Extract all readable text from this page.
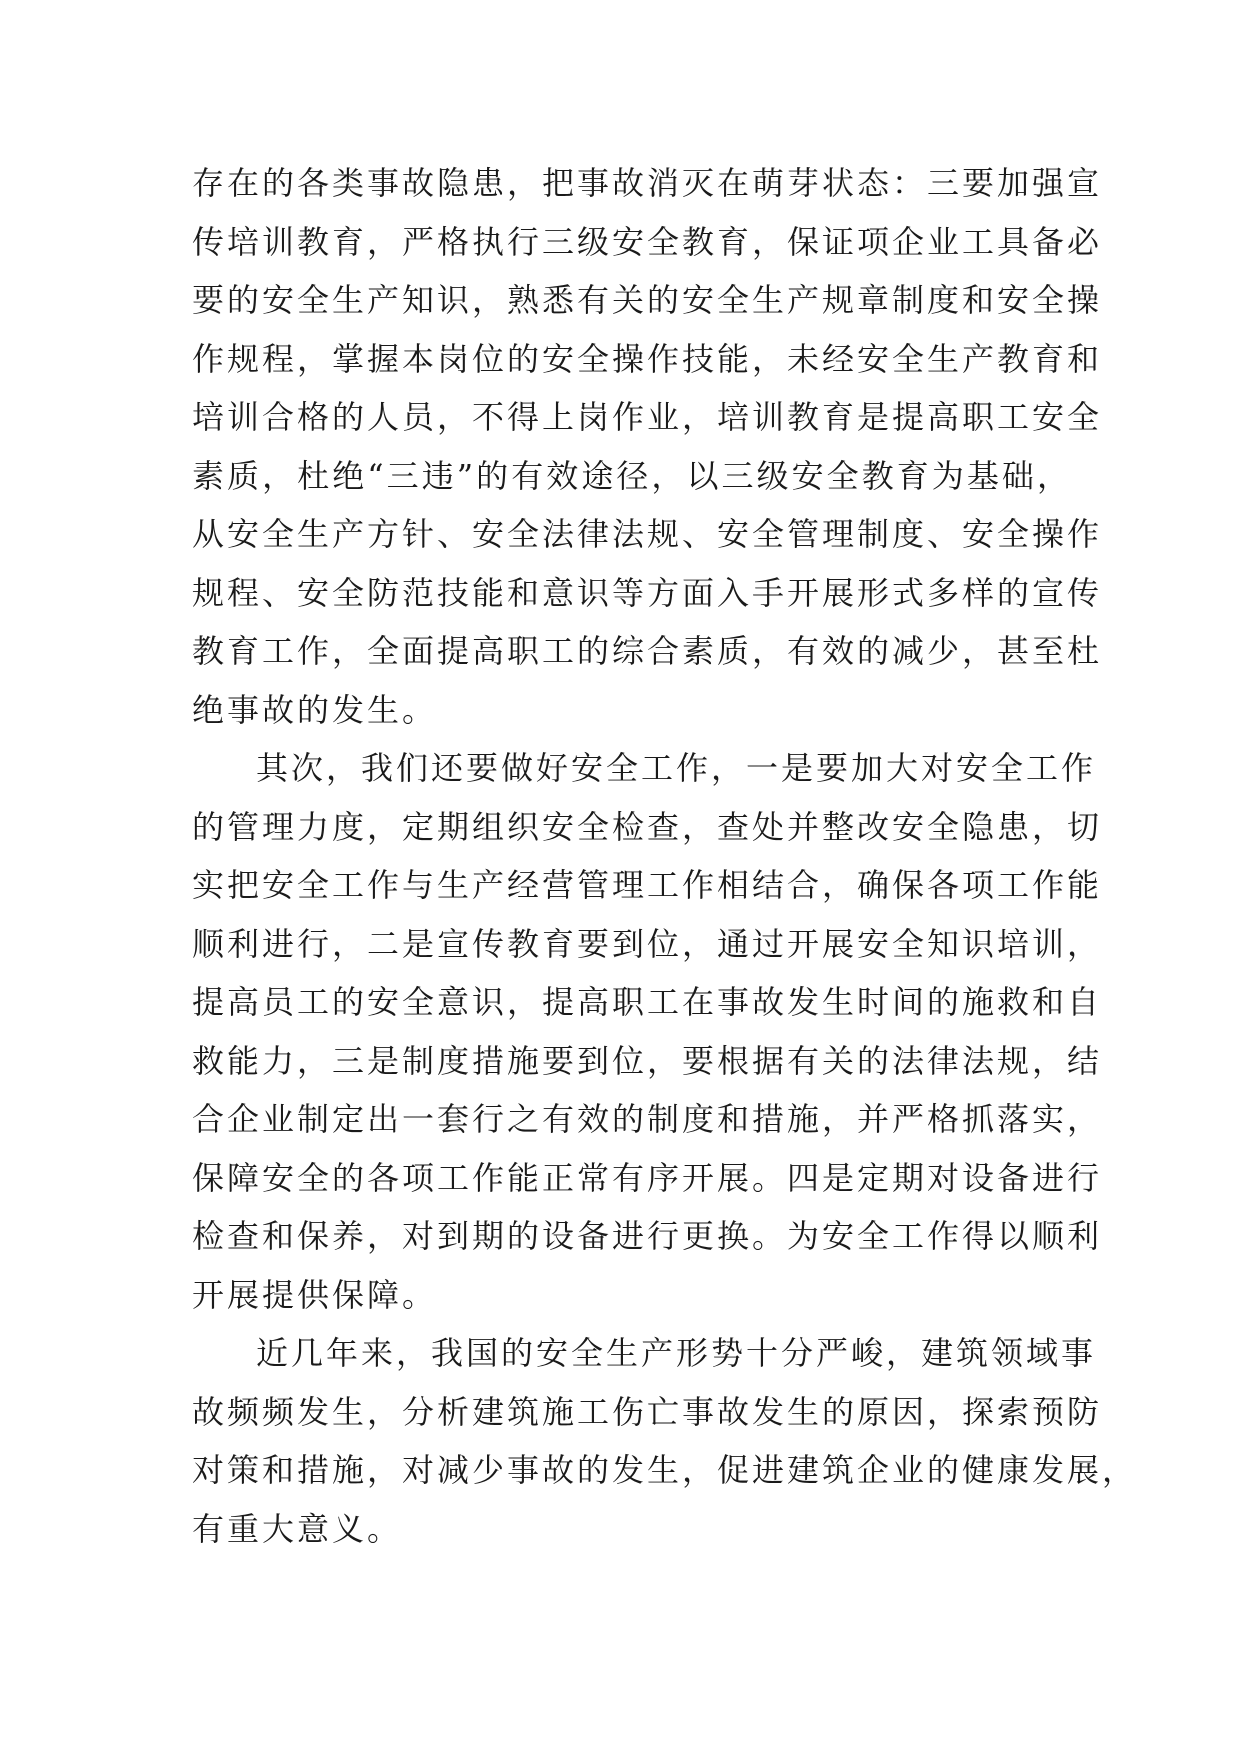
存在的各类事故隐患，把事故消灭在萌芽状态：三要加强宣
传培训教育，严格执行三级安全教育，保证项企业工具备必
要的安全生产知识，熟悉有关的安全生产规章制度和安全操
作规程，掌握本岗位的安全操作技能，未经安全生产教育和
培训合格的人员，不得上岗作业，培训教育是提高职工安全
素质，杜绝“三违”的有效途径，以三级安全教育为基础，
从安全生产方针、安全法律法规、安全管理制度、安全操作
规程、安全防范技能和意识等方面入手开展形式多样的宣传
教育工作，全面提高职工的综合素质，有效的减少，甚至杜
绝事故的发生。
其次，我们还要做好安全工作，一是要加大对安全工作
的管理力度，定期组织安全检查，查处并整改安全隐患，切
实把安全工作与生产经营管理工作相结合，确保各项工作能
顺利进行，二是宣传教育要到位，通过开展安全知识培训，
提高员工的安全意识，提高职工在事故发生时间的施救和自
救能力，三是制度措施要到位，要根据有关的法律法规，结
合企业制定出一套行之有效的制度和措施，并严格抓落实，
保障安全的各项工作能正常有序开展。四是定期对设备进行
检查和保养，对到期的设备进行更换。为安全工作得以顺利
开展提供保障。
近几年来，我国的安全生产形势十分严峻，建筑领域事
故频频发生，分析建筑施工伤亡事故发生的原因，探索预防
对策和措施，对减少事故的发生，促进建筑企业的健康发展，
有重大意义。
